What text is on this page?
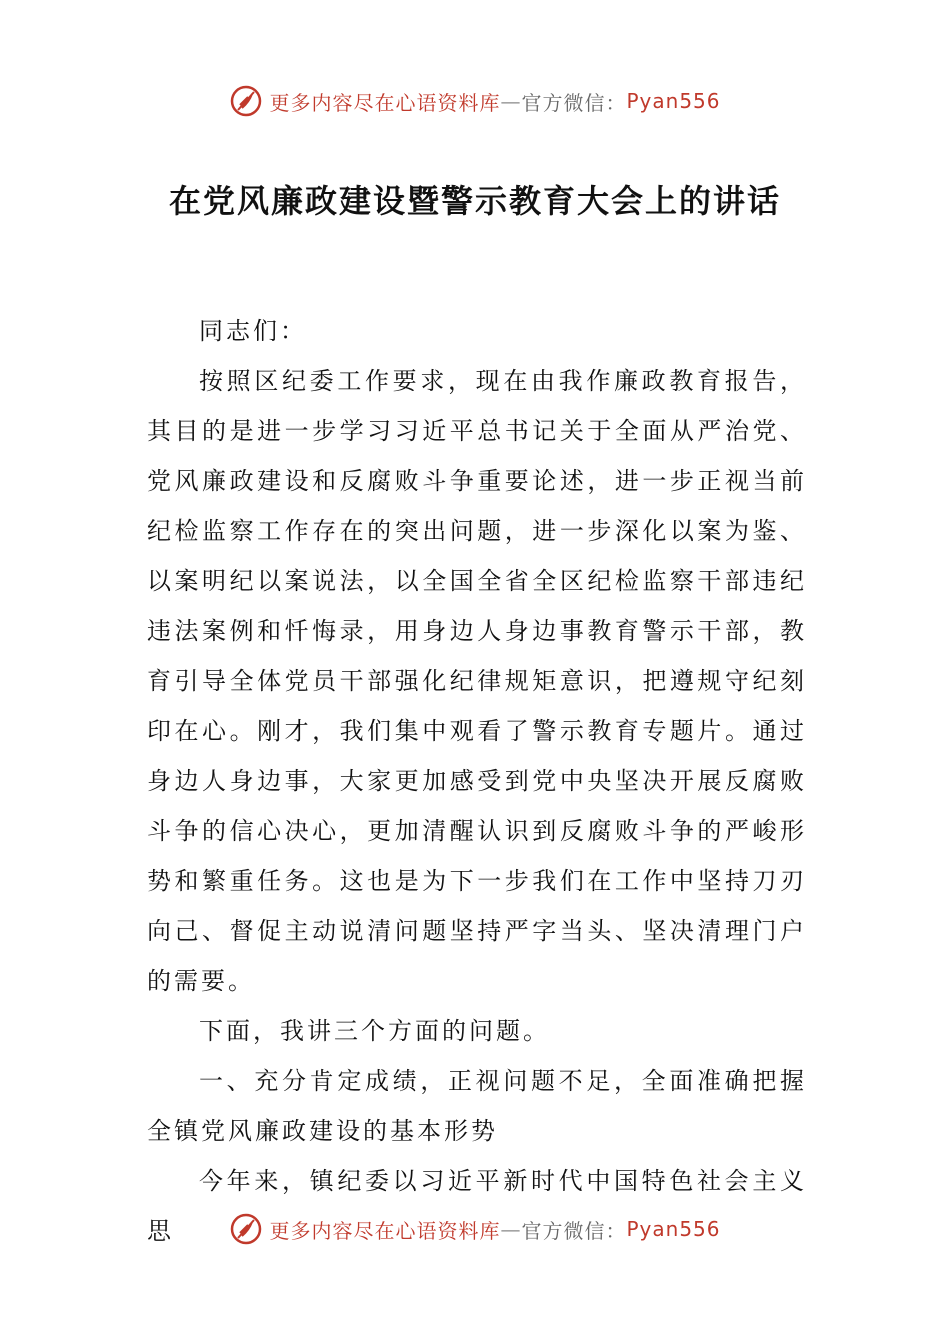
更多内容尽在心语资料库 — 官方微信： Pyan556
在党风廉政建设暨警示教育大会上的讲话

同志们：

按照区纪委工作要求，现在由我作廉政教育报告，其目的是进一步学习习近平总书记关于全面从严治党、党风廉政建设和反腐败斗争重要论述，进一步正视当前纪检监察工作存在的突出问题，进一步深化以案为鉴、以案明纪以案说法，以全国全省全区纪检监察干部违纪违法案例和忏悔录，用身边人身边事教育警示干部，教育引导全体党员干部强化纪律规矩意识，把遵规守纪刻印在心。刚才，我们集中观看了警示教育专题片。通过身边人身边事，大家更加感受到党中央坚决开展反腐败斗争的信心决心，更加清醒认识到反腐败斗争的严峻形势和繁重任务。这也是为下一步我们在工作中坚持刀刃向己、督促主动说清问题坚持严字当头、坚决清理门户的需要。

下面，我讲三个方面的问题。

一、充分肯定成绩，正视问题不足，全面准确把握全镇党风廉政建设的基本形势

今年来，镇纪委以习近平新时代中国特色社会主义思	更多内容尽在心语资料库 — 官方微信： Pyan556
